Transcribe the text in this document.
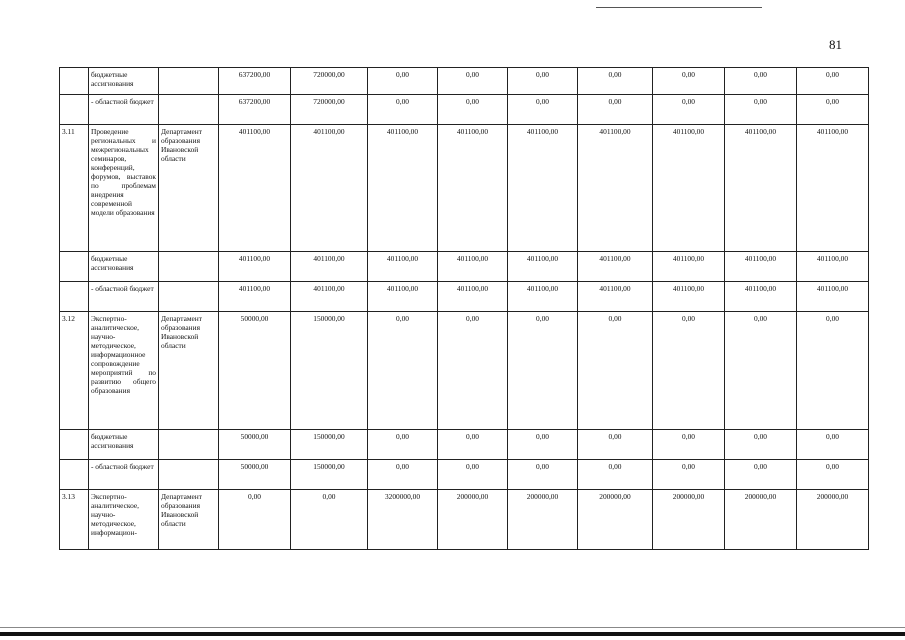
81
	бюджетные ассигнования		637200,00	720000,00	0,00	0,00	0,00	0,00	0,00	0,00	0,00
	- областной бюджет		637200,00	720000,00	0,00	0,00	0,00	0,00	0,00	0,00	0,00
3.11	Проведение региональных и межрегиональных семинаров, конференций, форумов, выставок по проблемам внедрения современной модели образования	Департамент образования Ивановской области	401100,00	401100,00	401100,00	401100,00	401100,00	401100,00	401100,00	401100,00	401100,00
	бюджетные ассигнования		401100,00	401100,00	401100,00	401100,00	401100,00	401100,00	401100,00	401100,00	401100,00
	- областной бюджет		401100,00	401100,00	401100,00	401100,00	401100,00	401100,00	401100,00	401100,00	401100,00
3.12	Экспертно-аналитическое, научно-методическое, информационное сопровождение мероприятий по развитию общего образования	Департамент образования Ивановской области	50000,00	150000,00	0,00	0,00	0,00	0,00	0,00	0,00	0,00
	бюджетные ассигнования		50000,00	150000,00	0,00	0,00	0,00	0,00	0,00	0,00	0,00
	- областной бюджет		50000,00	150000,00	0,00	0,00	0,00	0,00	0,00	0,00	0,00
3.13	Экспертно-аналитическое, научно-методическое, информацион-	Департамент образования Ивановской области	0,00	0,00	3200000,00	200000,00	200000,00	200000,00	200000,00	200000,00	200000,00
